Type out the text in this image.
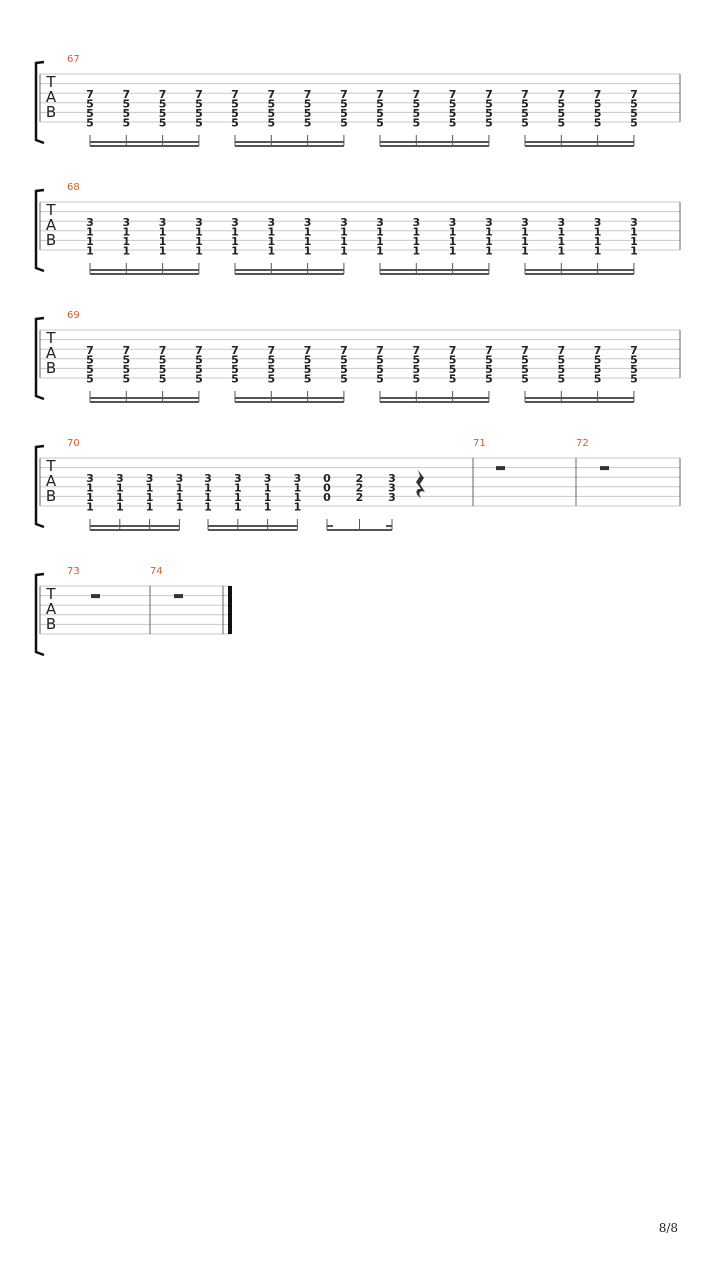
T
A
B
67
7
5
5
5
7
5
5
5
7
5
5
5
7
5
5
5
7
5
5
5
7
5
5
5
7
5
5
5
7
5
5
5
7
5
5
5
7
5
5
5
7
5
5
5
7
5
5
5
7
5
5
5
7
5
5
5
7
5
5
5
7
5
5
5
T
A
B
68
3
1
1
1
3
1
1
1
3
1
1
1
3
1
1
1
3
1
1
1
3
1
1
1
3
1
1
1
3
1
1
1
3
1
1
1
3
1
1
1
3
1
1
1
3
1
1
1
3
1
1
1
3
1
1
1
3
1
1
1
3
1
1
1
T
A
B
69
7
5
5
5
7
5
5
5
7
5
5
5
7
5
5
5
7
5
5
5
7
5
5
5
7
5
5
5
7
5
5
5
7
5
5
5
7
5
5
5
7
5
5
5
7
5
5
5
7
5
5
5
7
5
5
5
7
5
5
5
7
5
5
5
T
A
B
70
3
1
1
1
3
1
1
1
3
1
1
1
3
1
1
1
3
1
1
1
3
1
1
1
3
1
1
1
3
1
1
1
0
0
0
2
2
2
3
3
3
71	72
T
A
B
73	74
8/8
